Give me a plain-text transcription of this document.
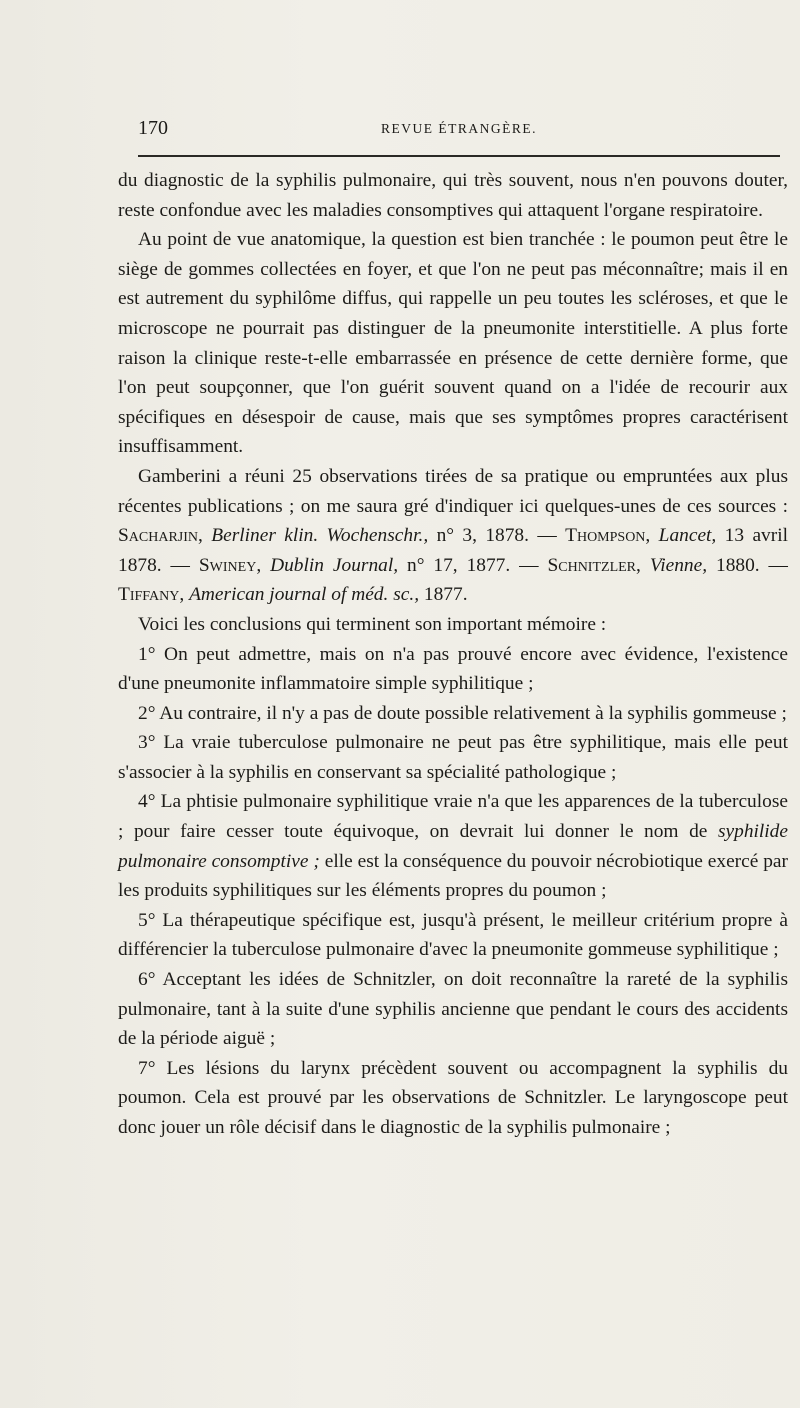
170	REVUE ÉTRANGÈRE.

du diagnostic de la syphilis pulmonaire, qui très souvent, nous n'en pouvons douter, reste confondue avec les maladies consomptives qui attaquent l'organe respiratoire.

Au point de vue anatomique, la question est bien tranchée : le poumon peut être le siège de gommes collectées en foyer, et que l'on ne peut pas méconnaître; mais il en est autrement du syphilôme diffus, qui rappelle un peu toutes les scléroses, et que le microscope ne pourrait pas distinguer de la pneumonite interstitielle. A plus forte raison la clinique reste-t-elle embarrassée en présence de cette dernière forme, que l'on peut soupçonner, que l'on guérit souvent quand on a l'idée de recourir aux spécifiques en désespoir de cause, mais que ses symptômes propres caractérisent insuffisamment.

Gamberini a réuni 25 observations tirées de sa pratique ou empruntées aux plus récentes publications ; on me saura gré d'indiquer ici quelques-unes de ces sources : Sacharjin, Berliner klin. Wochenschr., n° 3, 1878. — Thompson, Lancet, 13 avril 1878. — Swiney, Dublin Journal, n° 17, 1877. — Schnitzler, Vienne, 1880. — Tiffany, American journal of méd. sc., 1877.

Voici les conclusions qui terminent son important mémoire :

1° On peut admettre, mais on n'a pas prouvé encore avec évidence, l'existence d'une pneumonite inflammatoire simple syphilitique ;

2° Au contraire, il n'y a pas de doute possible relativement à la syphilis gommeuse ;

3° La vraie tuberculose pulmonaire ne peut pas être syphilitique, mais elle peut s'associer à la syphilis en conservant sa spécialité pathologique ;

4° La phtisie pulmonaire syphilitique vraie n'a que les apparences de la tuberculose ; pour faire cesser toute équivoque, on devrait lui donner le nom de syphilide pulmonaire consomptive ; elle est la conséquence du pouvoir nécrobiotique exercé par les produits syphilitiques sur les éléments propres du poumon ;

5° La thérapeutique spécifique est, jusqu'à présent, le meilleur critérium propre à différencier la tuberculose pulmonaire d'avec la pneumonite gommeuse syphilitique ;

6° Acceptant les idées de Schnitzler, on doit reconnaître la rareté de la syphilis pulmonaire, tant à la suite d'une syphilis ancienne que pendant le cours des accidents de la période aiguë ;

7° Les lésions du larynx précèdent souvent ou accompagnent la syphilis du poumon. Cela est prouvé par les observations de Schnitzler. Le laryngoscope peut donc jouer un rôle décisif dans le diagnostic de la syphilis pulmonaire ;
